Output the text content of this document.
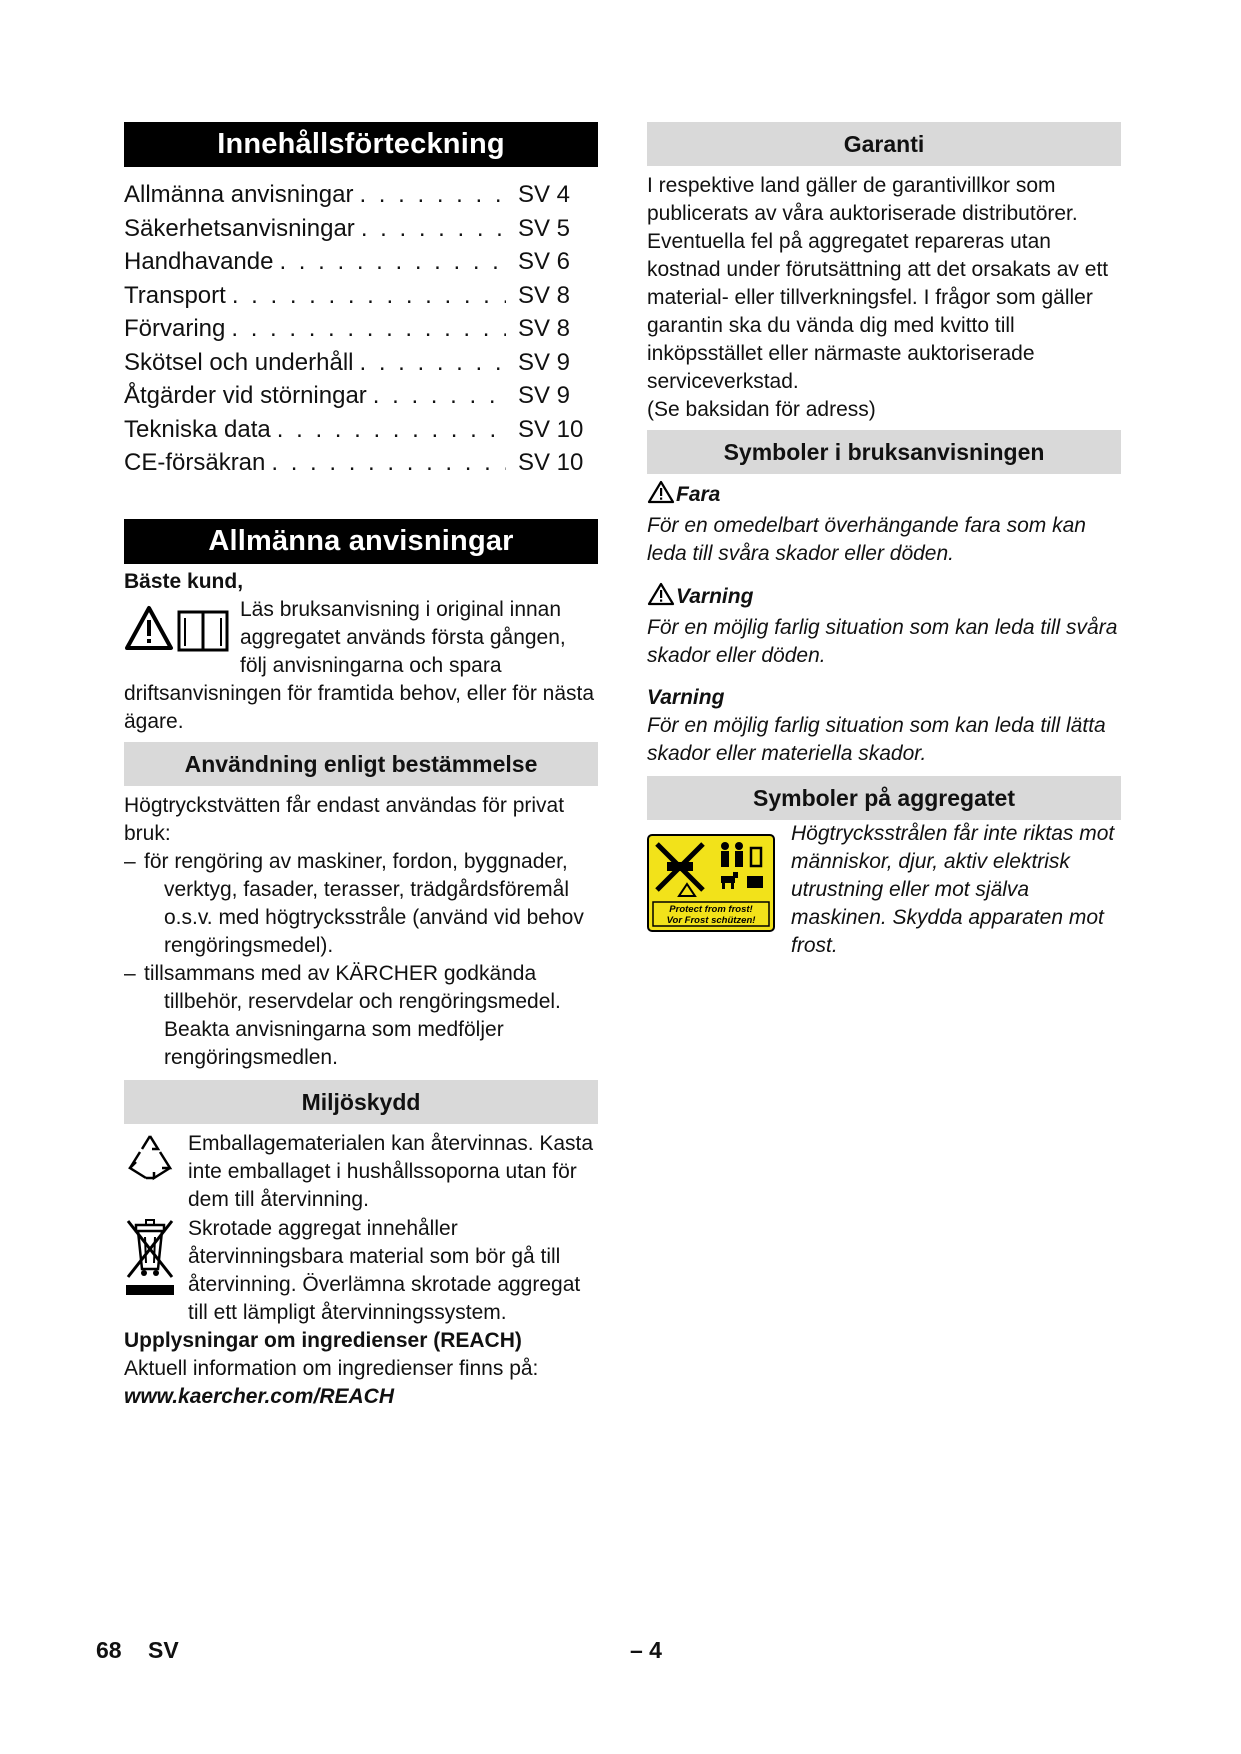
Innehållsförteckning
Allmänna anvisningar . . .	SV 4
Säkerhetsanvisningar . . .	SV 5
Handhavande . . .	SV 6
Transport . . .	SV 8
Förvaring . . .	SV 8
Skötsel och underhåll . . .	SV 9
Åtgärder vid störningar . . .	SV 9
Tekniska data . . .	SV 10
CE-försäkran . . .	SV 10
Allmänna anvisningar
Bäste kund,
Läs bruksanvisning i original innan aggregatet används första gången, följ anvisningarna och spara driftsanvisningen för framtida behov, eller för nästa ägare.
Användning enligt bestämmelse
Högtryckstvätten får endast användas för privat bruk:
– för rengöring av maskiner, fordon, byggnader, verktyg, fasader, terasser, trädgårdsföremål o.s.v. med högtrycksstråle (använd vid behov rengöringsmedel).
– tillsammans med av KÄRCHER godkända tillbehör, reservdelar och rengöringsmedel. Beakta anvisningarna som medföljer rengöringsmedlen.
Miljöskydd
Emballagematerialen kan återvinnas. Kasta inte emballaget i hushållssoporna utan för dem till återvinning.
Skrotade aggregat innehåller återvinningsbara material som bör gå till återvinning. Överlämna skrotade aggregat till ett lämpligt återvinningssystem.
Upplysningar om ingredienser (REACH)
Aktuell information om ingredienser finns på:
www.kaercher.com/REACH
Garanti
I respektive land gäller de garantivillkor som publicerats av våra auktoriserade distributörer. Eventuella fel på aggregatet repareras utan kostnad under förutsättning att det orsakats av ett material- eller tillverkningsfel. I frågor som gäller garantin ska du vända dig med kvitto till inköpsstället eller närmaste auktoriserade serviceverkstad.
(Se baksidan för adress)
Symboler i bruksanvisningen
Fara
För en omedelbart överhängande fara som kan leda till svåra skador eller döden.
Varning
För en möjlig farlig situation som kan leda till svåra skador eller döden.
Varning
För en möjlig farlig situation som kan leda till lätta skador eller materiella skador.
Symboler på aggregatet
Protect from frost!
Vor Frost schützen!
Högtrycksstrålen får inte riktas mot människor, djur, aktiv elektrisk utrustning eller mot själva maskinen. Skydda apparaten mot frost.
68 SV	– 4
